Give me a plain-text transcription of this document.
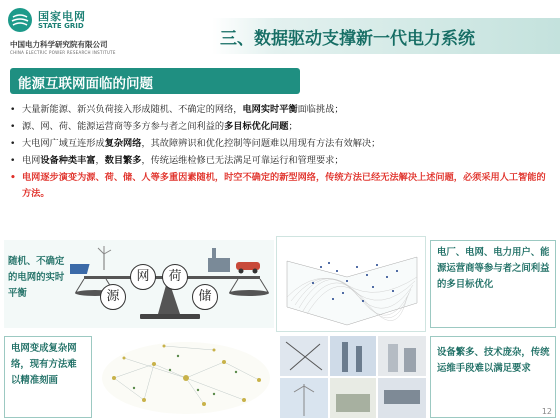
国家电网
STATE GRID
中国电力科学研究院有限公司
CHINA ELECTRIC POWER RESEARCH INSTITUTE
三、数据驱动支撑新一代电力系统
能源互联网面临的问题
• 大量新能源、新兴负荷接入形成随机、不确定的网络，电网实时平衡面临挑战；
• 源、网、荷、能源运营商等多方参与者之间利益的多目标优化问题；
• 大电网广域互连形成复杂网络，其故障辨识和优化控制等问题难以用现有方法有效解决；
• 电网设备种类丰富，数目繁多，传统运维检修已无法满足可靠运行和管理要求；
• 电网逐步演变为源、荷、储、人等多重因素随机，时空不确定的新型网络，传统方法已经无法解决上述问题，必须采用人工智能的方法。
随机、不确定的电网的实时平衡	源
网	荷
储
电厂、电网、电力用户、能源运营商等参与者之间利益的多目标优化
电网变成复杂网络，现有方法难以精准刻画
设备繁多、技术庞杂，传统运维手段难以满足要求
12
